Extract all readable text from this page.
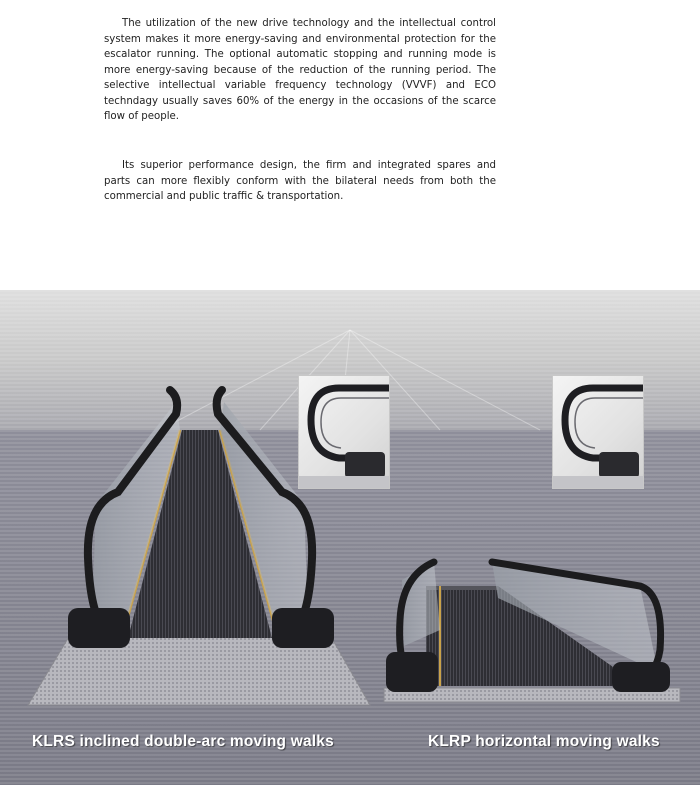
The utilization of the new drive technology and the intellectual control system makes it more energy-saving and environmental protection for the escalator running. The optional automatic stopping and running mode is more energy-saving because of the reduction of the running period. The selective intellectual variable frequency technology (VVVF) and ECO techndagy usually saves 60% of the energy in the occasions of the scarce flow of people.

Its superior performance design, the firm and integrated spares and parts can more flexibly conform with the bilateral needs from both the commercial and public traffic & transportation.

KLRS inclined double-arc moving walks	KLRP horizontal moving walks
